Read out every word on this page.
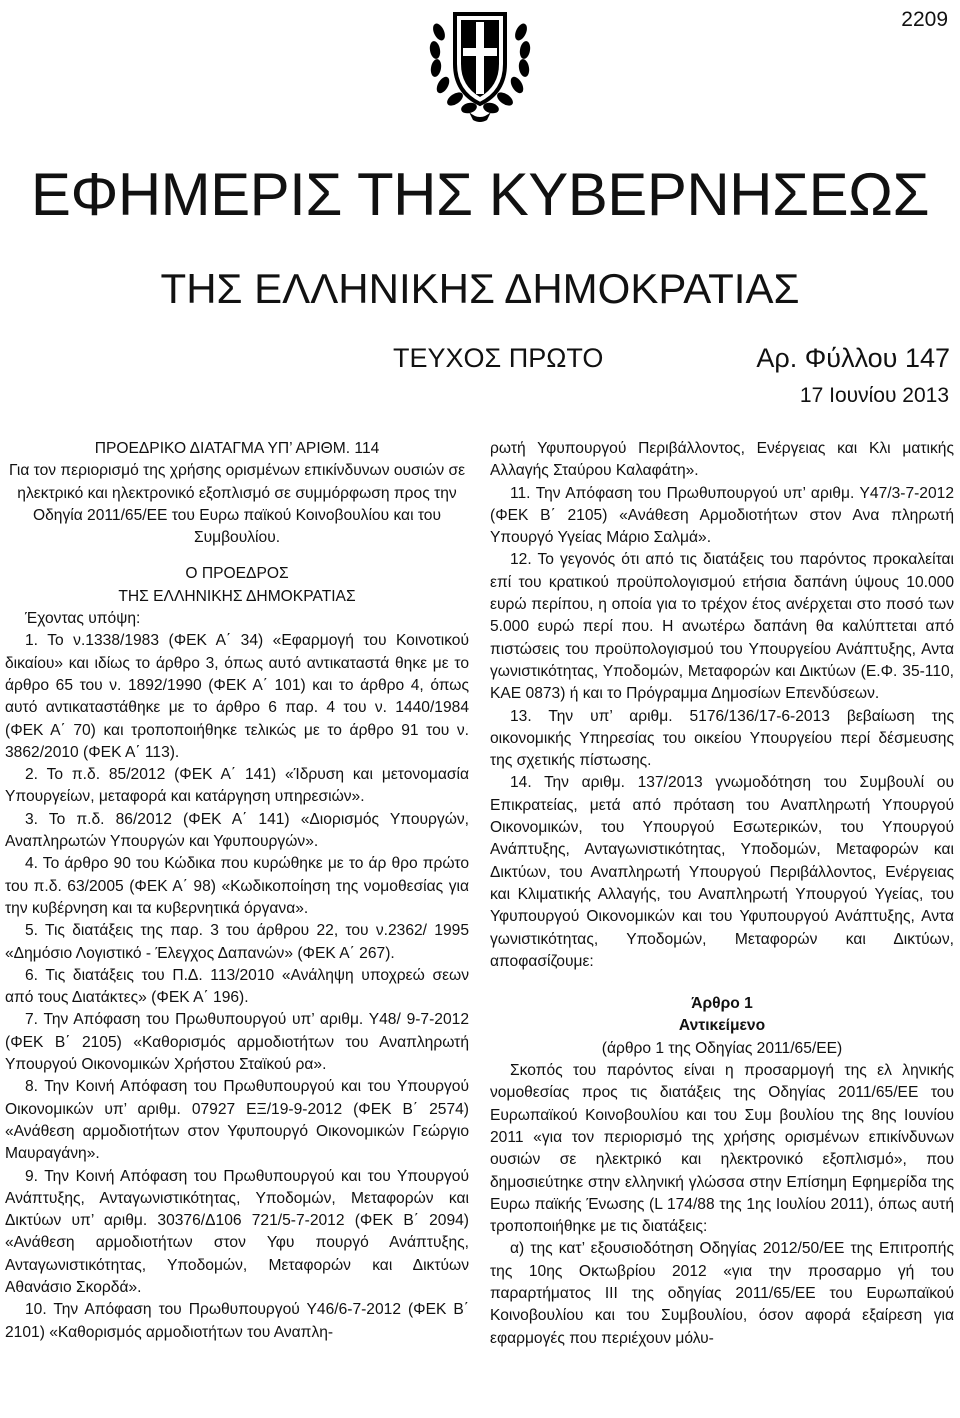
2209
ΕΦΗΜΕΡΙΣ ΤΗΣ ΚΥΒΕΡΝΗΣΕΩΣ
ΤΗΣ ΕΛΛΗΝΙΚΗΣ ΔΗΜΟΚΡΑΤΙΑΣ
ΤΕΥΧΟΣ ΠΡΩΤΟ	Αρ. Φύλλου 147
17 Ιουνίου 2013

ΠΡΟΕΔΡΙΚΟ ΔΙΑΤΑΓΜΑ ΥΠ’ ΑΡΙΘΜ. 114

Για τον περιορισμό της χρήσης ορισμένων επικίνδυνων ουσιών σε ηλεκτρικό και ηλεκτρονικό εξοπλισμό σε συμμόρφωση προς την Οδηγία 2011/65/ΕΕ του Ευρω παϊκού Κοινοβουλίου και του Συμβουλίου.

Ο ΠΡΟΕΔΡΟΣ

ΤΗΣ ΕΛΛΗΝΙΚΗΣ ΔΗΜΟΚΡΑΤΙΑΣ

Έχοντας υπόψη:

1. Το ν.1338/1983 (ΦΕΚ Α΄ 34) «Εφαρμογή του Κοινοτικού δικαίου» και ιδίως το άρθρο 3, όπως αυτό αντικαταστά θηκε με το άρθρο 65 του ν. 1892/1990 (ΦΕΚ Α΄ 101) και το άρθρο 4, όπως αυτό αντικαταστάθηκε με το άρθρο 6 παρ. 4 του ν. 1440/1984 (ΦΕΚ Α΄ 70) και τροποποιήθηκε τελικώς με το άρθρο 91 του ν. 3862/2010 (ΦΕΚ Α΄ 113).

2. Το π.δ. 85/2012 (ΦΕΚ Α΄ 141) «Ίδρυση και μετονομασία Υπουργείων, μεταφορά και κατάργηση υπηρεσιών».

3. Το π.δ. 86/2012 (ΦΕΚ Α΄ 141) «Διορισμός Υπουργών, Αναπληρωτών Υπουργών και Υφυπουργών».

4. Το άρθρο 90 του Κώδικα που κυρώθηκε με το άρ θρο πρώτο του π.δ. 63/2005 (ΦΕΚ Α΄ 98) «Κωδικοποίηση της νομοθεσίας για την κυβέρνηση και τα κυβερνητικά όργανα».

5. Τις διατάξεις της παρ. 3 του άρθρου 22, του ν.2362/ 1995 «Δημόσιο Λογιστικό - Έλεγχος Δαπανών» (ΦΕΚ Α΄ 267).

6. Τις διατάξεις του Π.Δ. 113/2010 «Ανάληψη υποχρεώ σεων από τους Διατάκτες» (ΦΕΚ Α΄ 196).

7. Την Απόφαση του Πρωθυπουργού υπ’ αριθμ. Υ48/ 9-7-2012 (ΦΕΚ Β΄ 2105) «Καθορισμός αρμοδιοτήτων του Αναπληρωτή Υπουργού Οικονομικών Χρήστου Σταϊκού ρα».

8. Την Κοινή Απόφαση του Πρωθυπουργού και του Υπουργού Οικονομικών υπ’ αριθμ. 07927 ΕΞ/19-9-2012 (ΦΕΚ Β΄ 2574) «Ανάθεση αρμοδιοτήτων στον Υφυπουργό Οικονομικών Γεώργιο Μαυραγάνη».

9. Την Κοινή Απόφαση του Πρωθυπουργού και του Υπουργού Ανάπτυξης, Ανταγωνιστικότητας, Υποδομών, Μεταφορών και Δικτύων υπ’ αριθμ. 30376/Δ106 721/5-7-2012 (ΦΕΚ Β΄ 2094) «Ανάθεση αρμοδιοτήτων στον Υφυ πουργό Ανάπτυξης, Ανταγωνιστικότητας, Υποδομών, Μεταφορών και Δικτύων Αθανάσιο Σκορδά».

10. Την Απόφαση του Πρωθυπουργού Υ46/6-7-2012 (ΦΕΚ Β΄ 2101) «Καθορισμός αρμοδιοτήτων του Αναπλη-

ρωτή Υφυπουργού Περιβάλλοντος, Ενέργειας και Κλι ματικής Αλλαγής Σταύρου Καλαφάτη».

11. Την Απόφαση του Πρωθυπουργού υπ’ αριθμ. Υ47/3-7-2012 (ΦΕΚ Β΄ 2105) «Ανάθεση Αρμοδιοτήτων στον Ανα πληρωτή Υπουργό Υγείας Μάριο Σαλμά».

12. Το γεγονός ότι από τις διατάξεις του παρόντος προκαλείται επί του κρατικού προϋπολογισμού ετήσια δαπάνη ύψους 10.000 ευρώ περίπου, η οποία για το τρέχον έτος ανέρχεται στο ποσό των 5.000 ευρώ περί που. Η ανωτέρω δαπάνη θα καλύπτεται από πιστώσεις του προϋπολογισμού του Υπουργείου Ανάπτυξης, Αντα γωνιστικότητας, Υποδομών, Μεταφορών και Δικτύων (Ε.Φ. 35-110, ΚΑΕ 0873) ή και το Πρόγραμμα Δημοσίων Επενδύσεων.

13. Την υπ’ αριθμ. 5176/136/17-6-2013 βεβαίωση της οικονομικής Υπηρεσίας του οικείου Υπουργείου περί δέσμευσης της σχετικής πίστωσης.

14. Την αριθμ. 137/2013 γνωμοδότηση του Συμβουλί ου Επικρατείας, μετά από πρόταση του Αναπληρωτή Υπουργού Οικονομικών, του Υπουργού Εσωτερικών, του Υπουργού Ανάπτυξης, Ανταγωνιστικότητας, Υποδομών, Μεταφορών και Δικτύων, του Αναπληρωτή Υπουργού Περιβάλλοντος, Ενέργειας και Κλιματικής Αλλαγής, του Αναπληρωτή Υπουργού Υγείας, του Υφυπουργού Οικονομικών και του Υφυπουργού Ανάπτυξης, Αντα γωνιστικότητας, Υποδομών, Μεταφορών και Δικτύων, αποφασίζουμε:

Άρθρο 1

Αντικείμενο

(άρθρο 1 της Οδηγίας 2011/65/ΕΕ)

Σκοπός του παρόντος είναι η προσαρμογή της ελ ληνικής νομοθεσίας προς τις διατάξεις της Οδηγίας 2011/65/ΕΕ του Ευρωπαϊκού Κοινοβουλίου και του Συμ βουλίου της 8ης Ιουνίου 2011 «για τον περιορισμό της χρήσης ορισμένων επικίνδυνων ουσιών σε ηλεκτρικό και ηλεκτρονικό εξοπλισμό», που δημοσιεύτηκε στην ελληνική γλώσσα στην Επίσημη Εφημερίδα της Ευρω παϊκής Ένωσης (L 174/88 της 1ης Ιουλίου 2011), όπως αυτή τροποποιήθηκε με τις διατάξεις:

α) της κατ’ εξουσιοδότηση Οδηγίας 2012/50/ΕΕ της Επιτροπής της 10ης Οκτωβρίου 2012 «για την προσαρμο γή του παραρτήματος ΙΙΙ της οδηγίας 2011/65/ΕΕ του Ευρωπαϊκού Κοινοβουλίου και του Συμβουλίου, όσον αφορά εξαίρεση για εφαρμογές που περιέχουν μόλυ-
